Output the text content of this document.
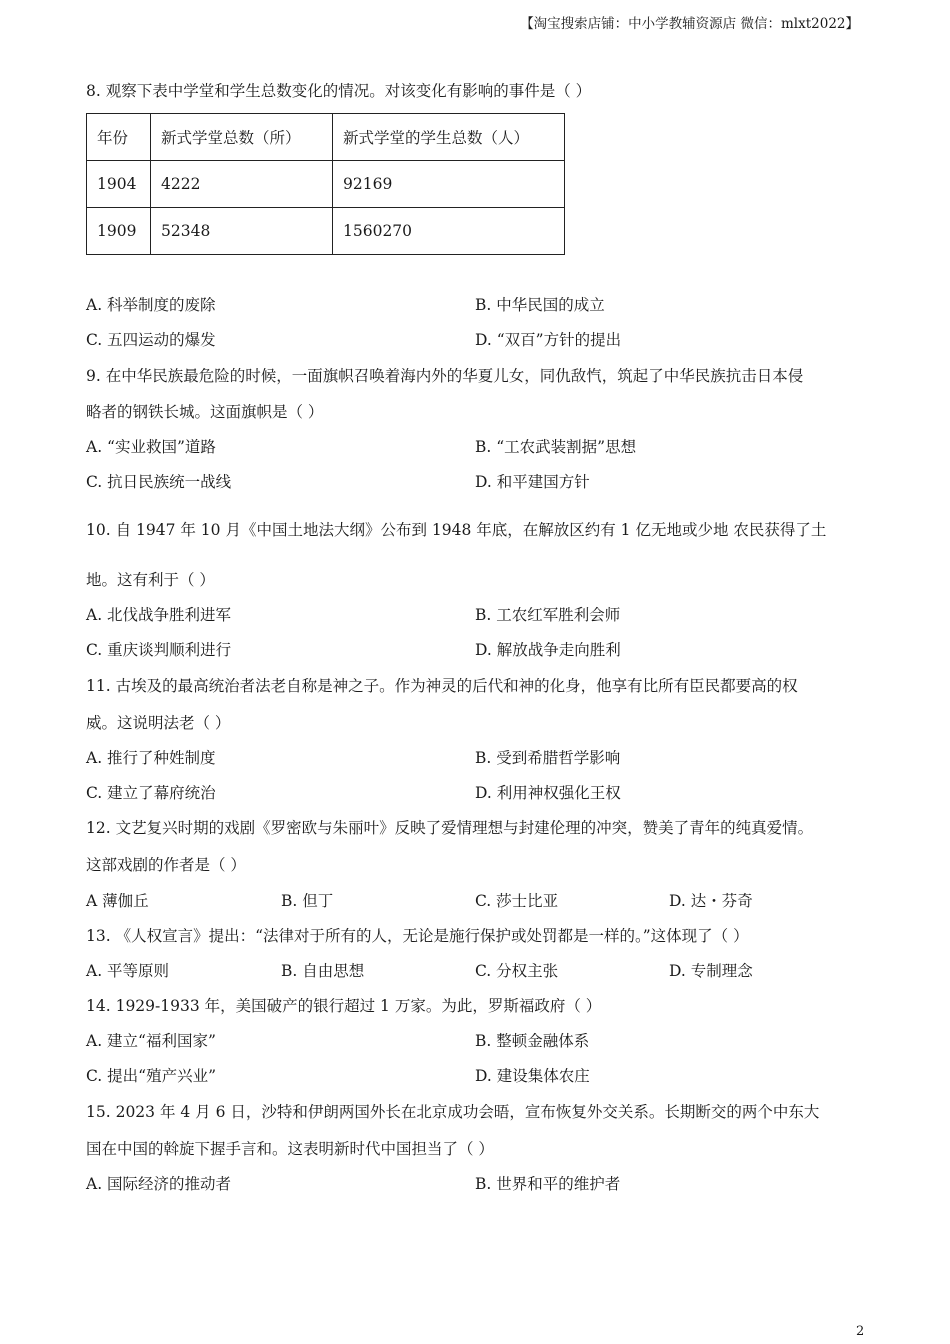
【淘宝搜索店铺：中小学教辅资源店 微信：mlxt2022】
8. 观察下表中学堂和学生总数变化的情况。对该变化有影响的事件是（ ）
年份	新式学堂总数（所）	新式学堂的学生总数（人）
1904	4222	92169
1909	52348	1560270
A. 科举制度的废除	B. 中华民国的成立
C. 五四运动的爆发	D. “双百”方针的提出
9. 在中华民族最危险的时候，一面旗帜召唤着海内外的华夏儿女，同仇敌忾，筑起了中华民族抗击日本侵
略者的钢铁长城。这面旗帜是（ ）
A. “实业救国”道路	B. “工农武装割据”思想
C. 抗日民族统一战线	D. 和平建国方针
10. 自 1947 年 10 月《中国土地法大纲》公布到 1948 年底，在解放区约有 1 亿无地或少地 农民获得了土
地。这有利于（ ）
A. 北伐战争胜利进军	B. 工农红军胜利会师
C. 重庆谈判顺利进行	D. 解放战争走向胜利
11. 古埃及的最高统治者法老自称是神之子。作为神灵的后代和神的化身，他享有比所有臣民都要高的权
威。这说明法老（ ）
A. 推行了种姓制度	B. 受到希腊哲学影响
C. 建立了幕府统治	D. 利用神权强化王权
12. 文艺复兴时期的戏剧《罗密欧与朱丽叶》反映了爱情理想与封建伦理的冲突，赞美了青年的纯真爱情。
这部戏剧的作者是（ ）
A 薄伽丘	B. 但丁	C. 莎士比亚	D. 达・芬奇
13. 《人权宣言》提出：“法律对于所有的人，无论是施行保护或处罚都是一样的。”这体现了（ ）
A. 平等原则	B. 自由思想	C. 分权主张	D. 专制理念
14. 1929-1933 年，美国破产的银行超过 1 万家。为此，罗斯福政府（ ）
A. 建立“福利国家”	B. 整顿金融体系
C. 提出“殖产兴业”	D. 建设集体农庄
15. 2023 年 4 月 6 日，沙特和伊朗两国外长在北京成功会晤，宣布恢复外交关系。长期断交的两个中东大
国在中国的斡旋下握手言和。这表明新时代中国担当了（ ）
A. 国际经济的推动者	B. 世界和平的维护者
2
